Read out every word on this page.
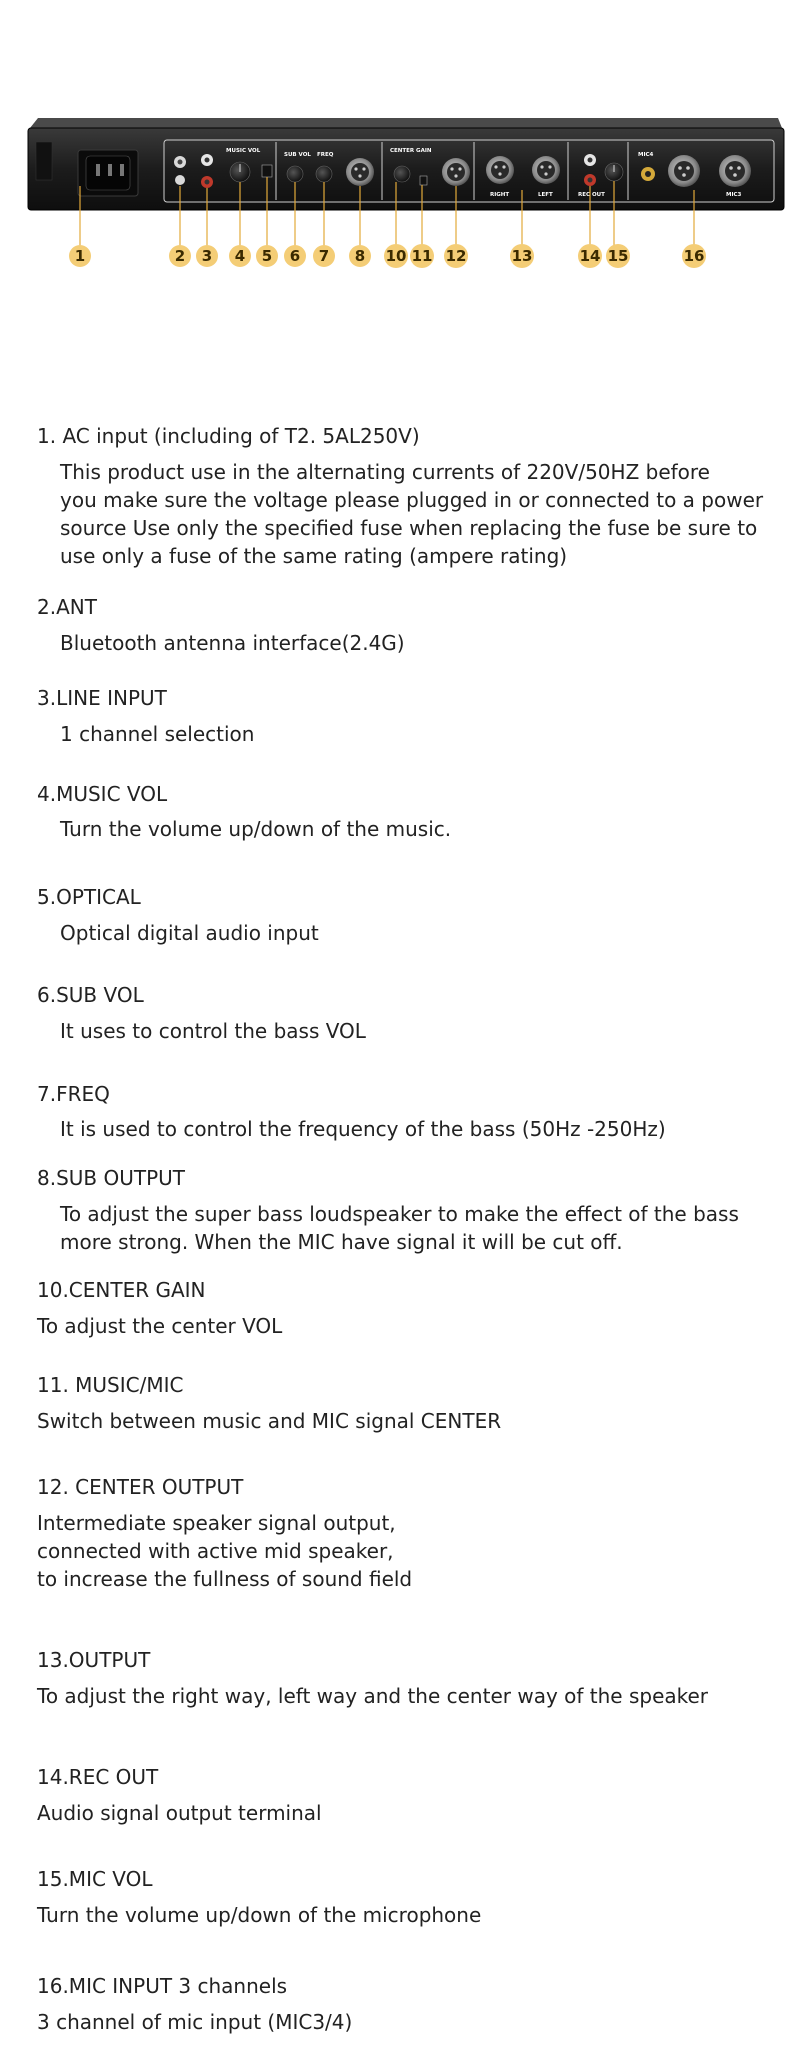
MUSIC VOL
SUB VOL FREQ
CENTER GAIN
RIGHT	LEFT	REC OUT
MIC4
MIC3
1	2 3 4 5 6 7 8 10 11 12	13	14 15	16

1. AC input (including of T2. 5AL250V)

This product use in the alternating currents of 220V/50HZ before

you make sure the voltage please plugged in or connected to a power

source Use only the specified fuse when replacing the fuse be sure to

use only a fuse of the same rating (ampere rating)

2.ANT

Bluetooth antenna interface(2.4G)

3.LINE INPUT

1 channel selection

4.MUSIC VOL

Turn the volume up/down of the music.

5.OPTICAL

Optical digital audio input

6.SUB VOL

It uses to control the bass VOL

7.FREQ

It is used to control the frequency of the bass (50Hz -250Hz)

8.SUB OUTPUT

To adjust the super bass loudspeaker to make the effect of the bass

more strong. When the MIC have signal it will be cut off.

10.CENTER GAIN

To adjust the center VOL

11. MUSIC/MIC

Switch between music and MIC signal CENTER

12. CENTER OUTPUT

Intermediate speaker signal output,

connected with active mid speaker,

to increase the fullness of sound field

13.OUTPUT

To adjust the right way, left way and the center way of the speaker

14.REC OUT

Audio signal output terminal

15.MIC VOL

Turn the volume up/down of the microphone

16.MIC INPUT 3 channels

3 channel of mic input (MIC3/4)
